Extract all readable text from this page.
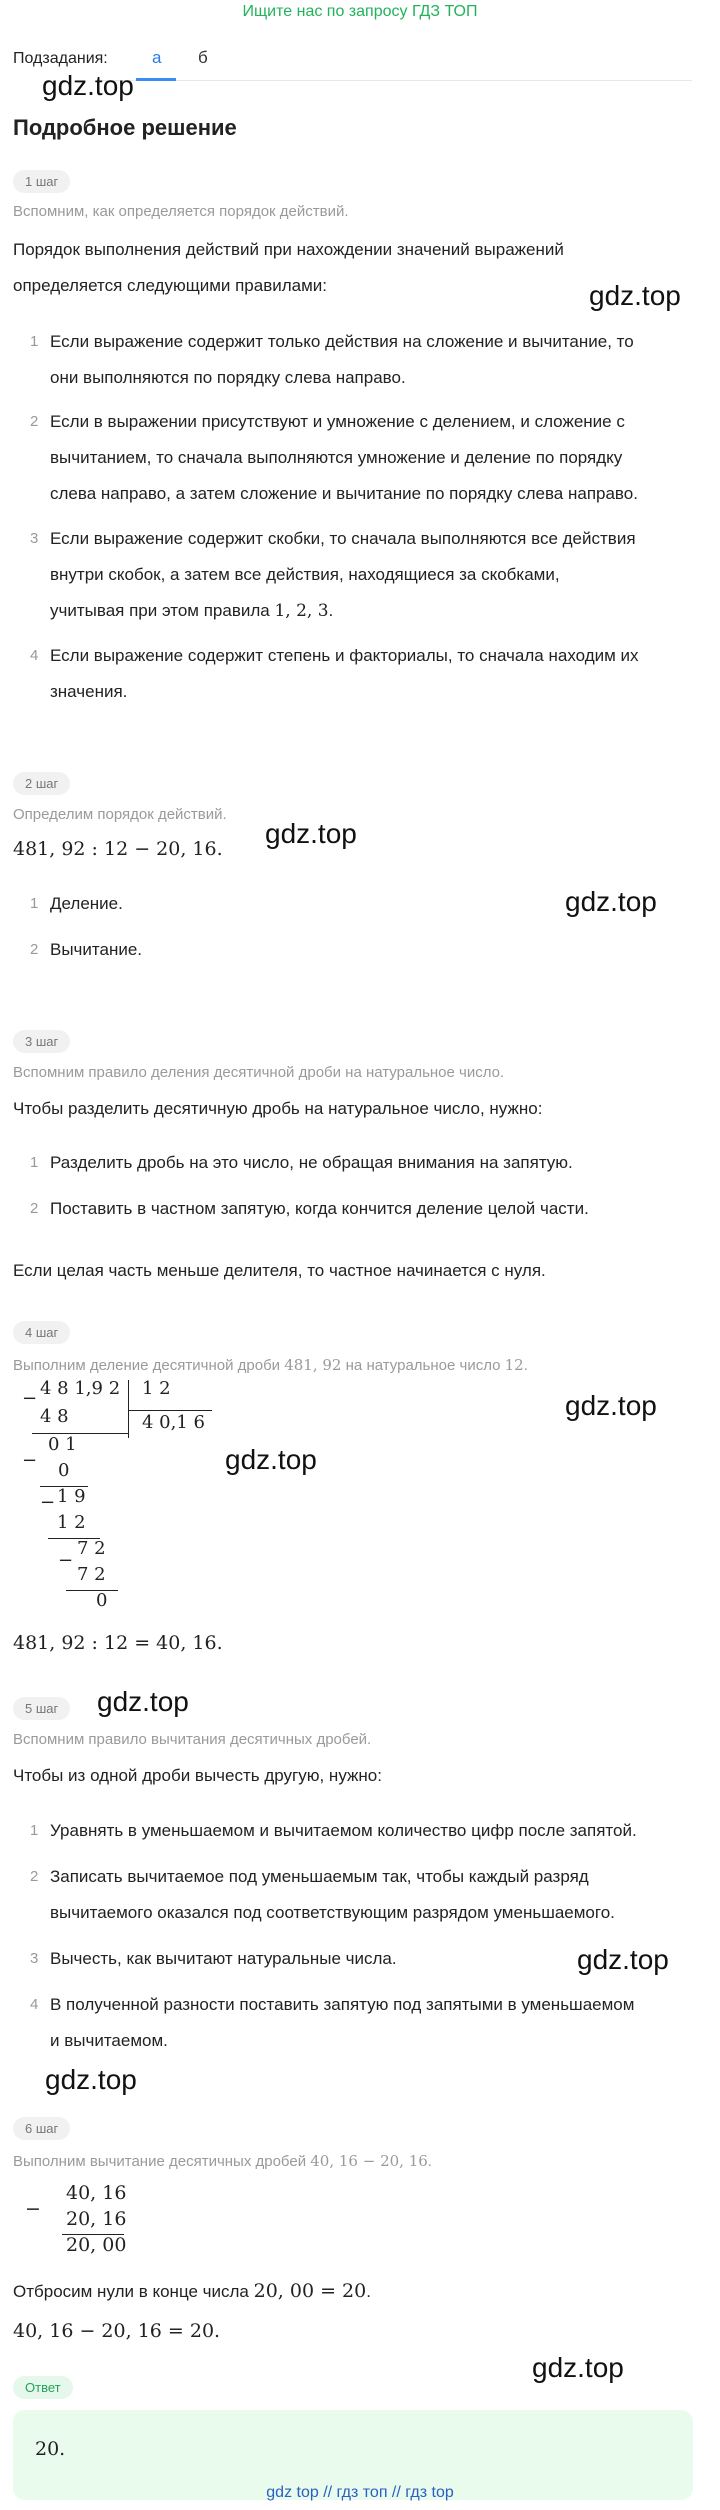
Ищите нас по запросу ГДЗ ТОП
Подзадания:	а б
gdz.top
gdz.top
gdz.top
gdz.top
gdz.top
gdz.top
gdz.top
gdz.top
gdz.top
gdz.top
Подробное решение
1 шаг
Вспомним, как определяется порядок действий.
Порядок выполнения действий при нахождении значений выражений
определяется следующими правилами:
1 Если выражение содержит только действия на сложение и вычитание, то
они выполняются по порядку слева направо.
2 Если в выражении присутствуют и умножение с делением, и сложение с
вычитанием, то сначала выполняются умножение и деление по порядку
слева направо, а затем сложение и вычитание по порядку слева направо.
3 Если выражение содержит скобки, то сначала выполняются все действия
внутри скобок, а затем все действия, находящиеся за скобками,
учитывая при этом правила 1, 2, 3.
4 Если выражение содержит степень и факториалы, то сначала находим их
значения.
2 шаг
Определим порядок действий.
481, 92 : 12 − 20, 16.
1 Деление.
2 Вычитание.
3 шаг
Вспомним правило деления десятичной дроби на натуральное число.
Чтобы разделить десятичную дробь на натуральное число, нужно:
1 Разделить дробь на это число, не обращая внимания на запятую.
2 Поставить в частном запятую, когда кончится деление целой части.
Если целая часть меньше делителя, то частное начинается с нуля.
4 шаг
Выполним деление десятичной дроби 481, 92 на натуральное число 12.
− 4 8 1,9 2 1 2
4 0,1 6
4 8
−
0 1
0
− 1 9
1 2
−
7 2
7 2
0
481, 92 : 12 = 40, 16.
5 шаг
Вспомним правило вычитания десятичных дробей.
Чтобы из одной дроби вычесть другую, нужно:
1 Уравнять в уменьшаемом и вычитаемом количество цифр после запятой.
2 Записать вычитаемое под уменьшаемым так, чтобы каждый разряд
вычитаемого оказался под соответствующим разрядом уменьшаемого.
3 Вычесть, как вычитают натуральные числа.
4 В полученной разности поставить запятую под запятыми в уменьшаемом
и вычитаемом.
6 шаг
Выполним вычитание десятичных дробей 40, 16 − 20, 16.
−
40, 16
20, 16
20, 00
Отбросим нули в конце числа 20, 00 = 20.
40, 16 − 20, 16 = 20.
Ответ
20.
gdz top // гдз топ // гдз top
